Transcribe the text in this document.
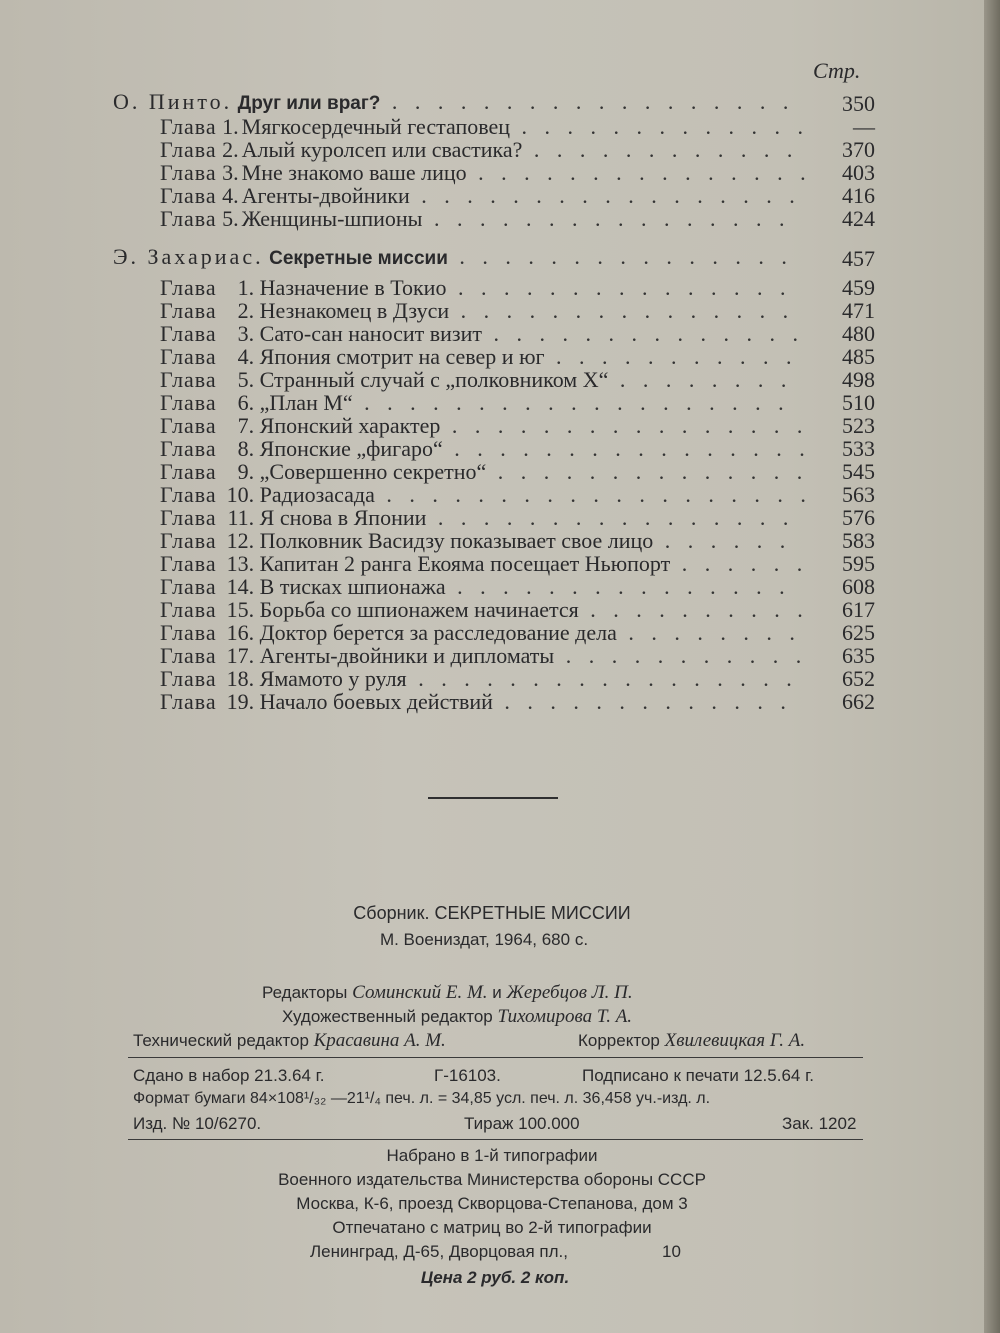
Стр.
О. Пинто. Друг или враг? . . . . . . . . . . . . . . . . . .	350
Глава 1. Мягкосердечный гестаповец . . . . . . . . . . . . .	—
Глава 2. Алый куролсеп или свастика? . . . . . . . . . . . .	370
Глава 3. Мне знакомо ваше лицо . . . . . . . . . . . . . . .	403
Глава 4. Агенты-двойники . . . . . . . . . . . . . . . . .	416
Глава 5. Женщины-шпионы . . . . . . . . . . . . . . . .	424
Э. Захариас. Секретные миссии . . . . . . . . . . . . . . .	457
Глава 1. Назначение в Токио . . . . . . . . . . . . . . .	459
Глава 2. Незнакомец в Дзуси . . . . . . . . . . . . . . .	471
Глава 3. Сато-сан наносит визит . . . . . . . . . . . . . .	480
Глава 4. Япония смотрит на север и юг . . . . . . . . . . .	485
Глава 5. Странный случай с „полковником X“ . . . . . . . .	498
Глава 6. „План М“ . . . . . . . . . . . . . . . . . . .	510
Глава 7. Японский характер . . . . . . . . . . . . . . . .	523
Глава 8. Японские „фигаро“ . . . . . . . . . . . . . . . .	533
Глава 9. „Совершенно секретно“ . . . . . . . . . . . . . .	545
Глава 10. Радиозасада . . . . . . . . . . . . . . . . . . .	563
Глава 11. Я снова в Японии . . . . . . . . . . . . . . . .	576
Глава 12. Полковник Васидзу показывает свое лицо . . . . . .	583
Глава 13. Капитан 2 ранга Екояма посещает Ньюпорт . . . . . .	595
Глава 14. В тисках шпионажа . . . . . . . . . . . . . . .	608
Глава 15. Борьба со шпионажем начинается . . . . . . . . . .	617
Глава 16. Доктор берется за расследование дела . . . . . . . .	625
Глава 17. Агенты-двойники и дипломаты . . . . . . . . . . .	635
Глава 18. Ямамото у руля . . . . . . . . . . . . . . . . .	652
Глава 19. Начало боевых действий . . . . . . . . . . . . .	662
Сборник. СЕКРЕТНЫЕ МИССИИ
М. Воениздат, 1964, 680 с.
Редакторы Соминский Е. М. и Жеребцов Л. П.
Художественный редактор Тихомирова Т. А.
Технический редактор Красавина А. М.	Корректор Хвилевицкая Г. А.
Сдано в набор 21.3.64 г.	Г-16103.	Подписано к печати 12.5.64 г.
Формат бумаги 84×108¹/₃₂ —21¹/₄ печ. л. = 34,85 усл. печ. л. 36,458 уч.-изд. л.
Изд. № 10/6270.	Тираж 100.000	Зак. 1202
Набрано в 1-й типографии
Военного издательства Министерства обороны СССР
Москва, К-6, проезд Скворцова-Степанова, дом 3
Отпечатано с матриц во 2-й типографии
Ленинград, Д-65, Дворцовая пл.,	10
Цена 2 руб. 2 коп.
